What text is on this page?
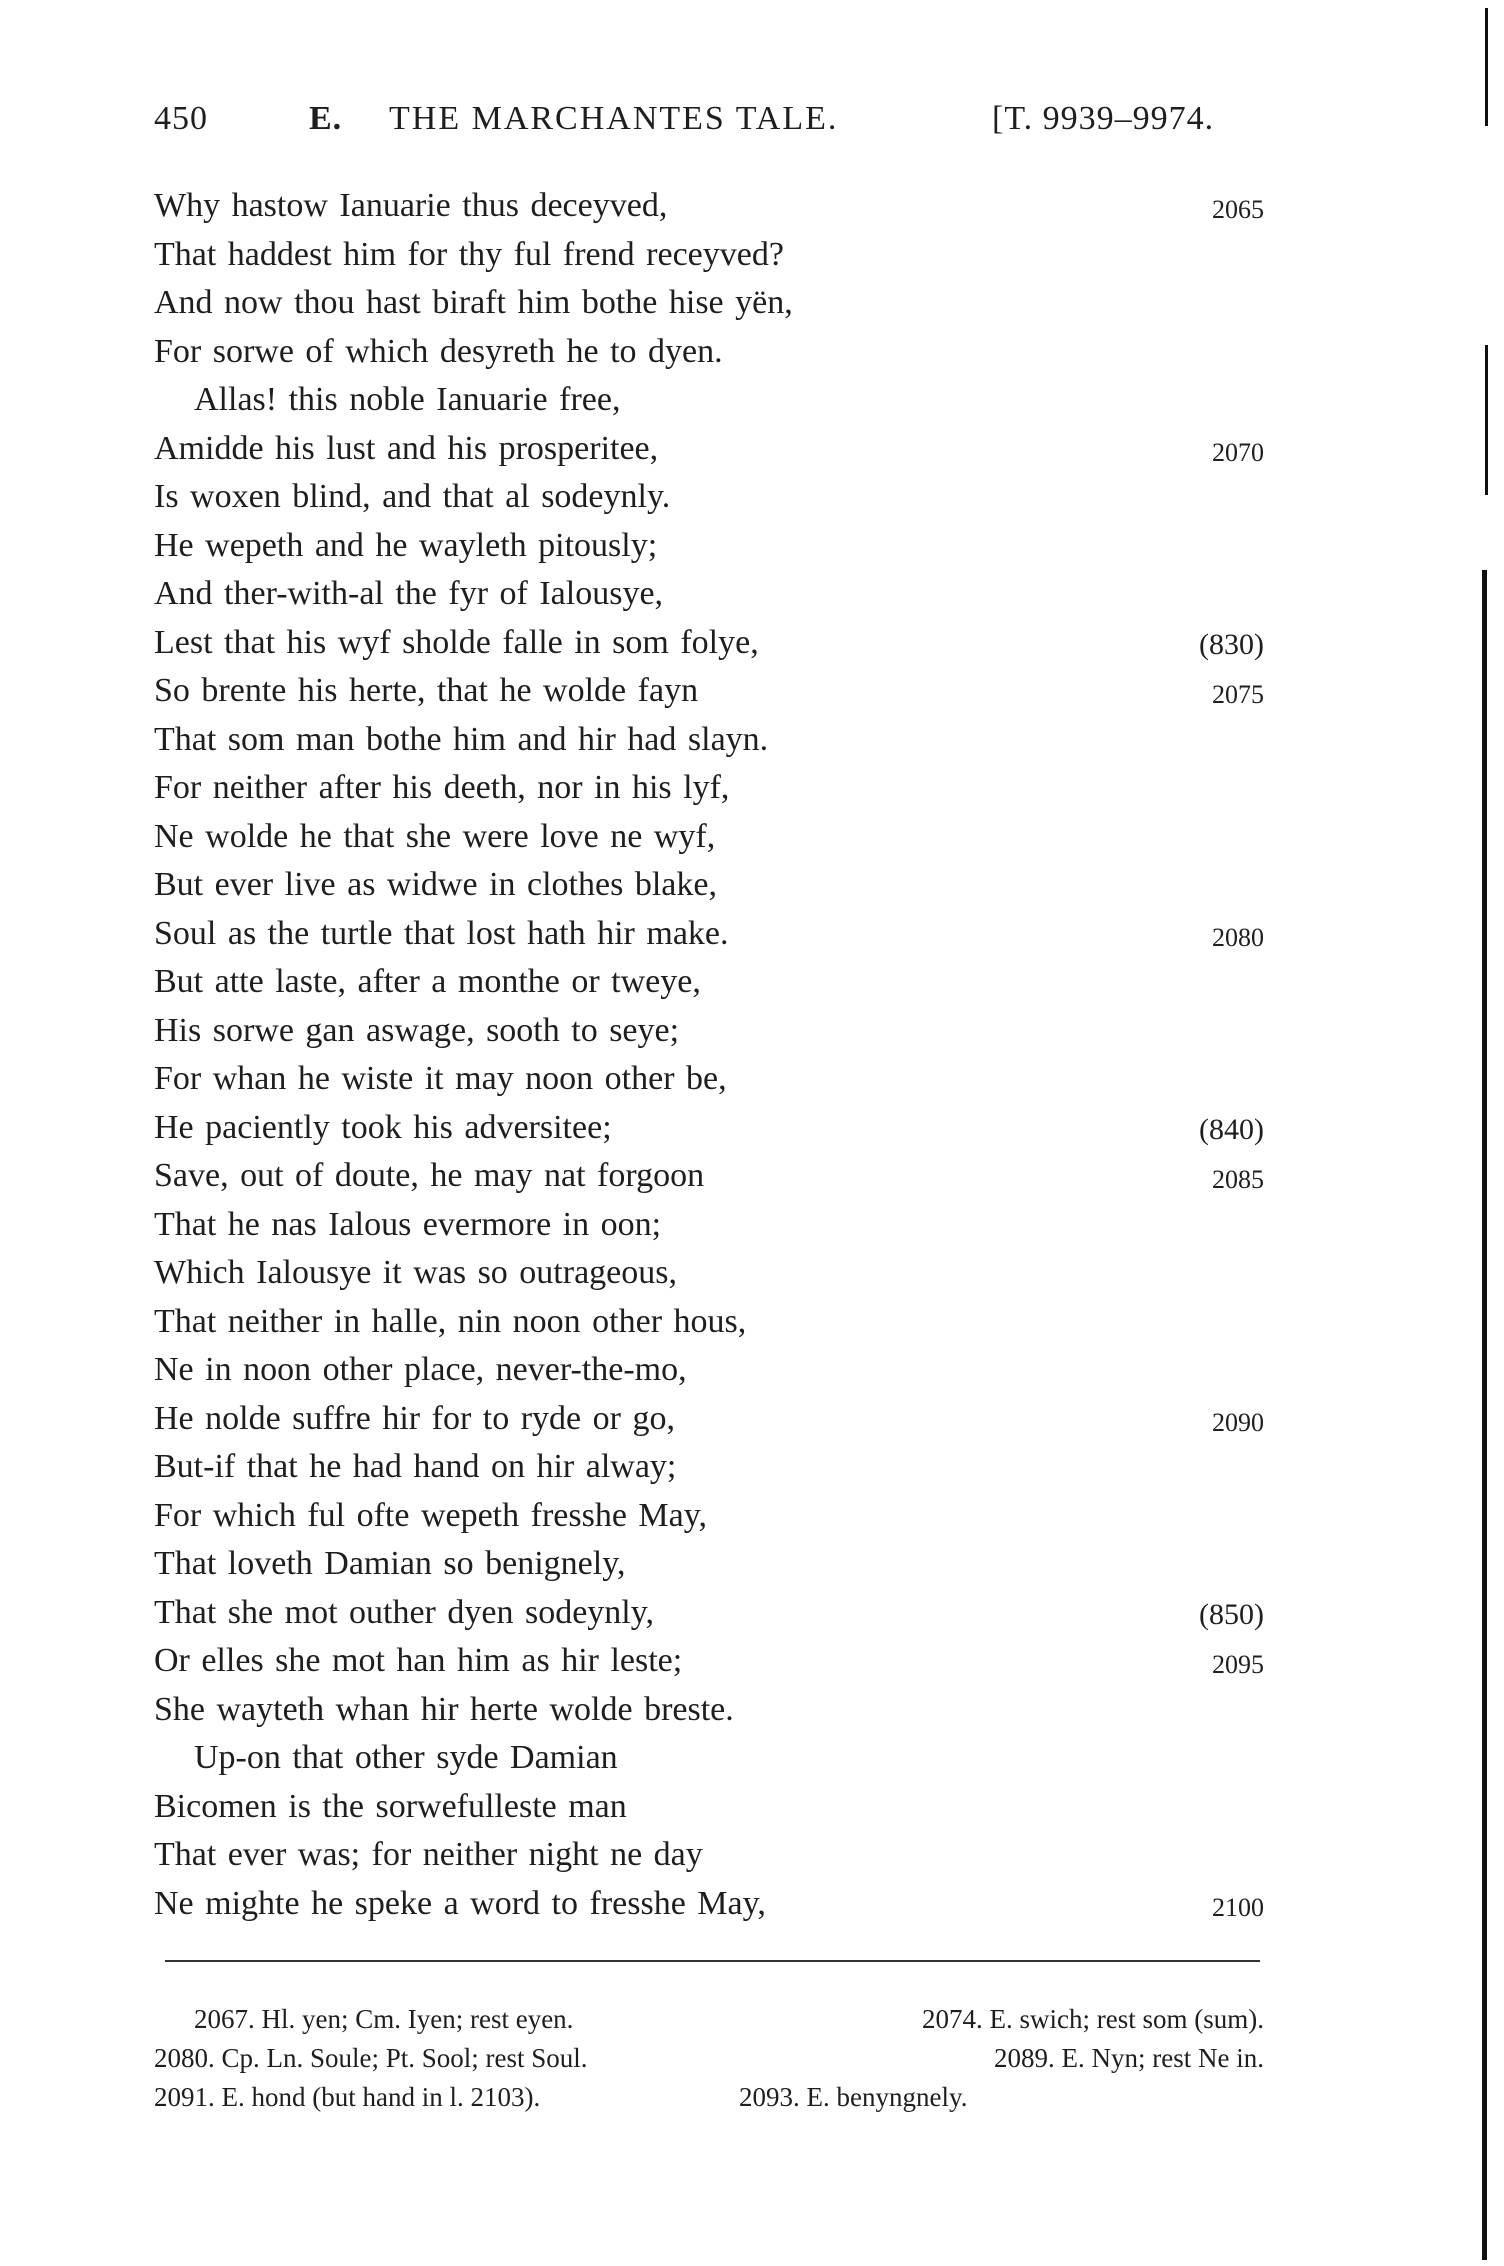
450	E. THE MARCHANTES TALE.	[T. 9939–9974.
Why hastow Ianuarie thus deceyved,	2065
That haddest him for thy ful frend receyved?
And now thou hast biraft him bothe hise yën,
For sorwe of which desyreth he to dyen.
Allas! this noble Ianuarie free,
Amidde his lust and his prosperitee,	2070
Is woxen blind, and that al sodeynly.
He wepeth and he wayleth pitously;
And ther-with-al the fyr of Ialousye,
Lest that his wyf sholde falle in som folye,	(830)
So brente his herte, that he wolde fayn	2075
That som man bothe him and hir had slayn.
For neither after his deeth, nor in his lyf,
Ne wolde he that she were love ne wyf,
But ever live as widwe in clothes blake,
Soul as the turtle that lost hath hir make.	2080
But atte laste, after a monthe or tweye,
His sorwe gan aswage, sooth to seye;
For whan he wiste it may noon other be,
He paciently took his adversitee;	(840)
Save, out of doute, he may nat forgoon	2085
That he nas Ialous evermore in oon;
Which Ialousye it was so outrageous,
That neither in halle, nin noon other hous,
Ne in noon other place, never-the-mo,
He nolde suffre hir for to ryde or go,	2090
But-if that he had hand on hir alway;
For which ful ofte wepeth fresshe May,
That loveth Damian so benignely,
That she mot outher dyen sodeynly,	(850)
Or elles she mot han him as hir leste;	2095
She wayteth whan hir herte wolde breste.
Up-on that other syde Damian
Bicomen is the sorwefulleste man
That ever was; for neither night ne day
Ne mighte he speke a word to fresshe May,	2100
2067. Hl. yen; Cm. Iyen; rest eyen.	2074. E. swich; rest som (sum).
2080. Cp. Ln. Soule; Pt. Sool; rest Soul.	2089. E. Nyn; rest Ne in.
2091. E. hond (but hand in l. 2103).	2093. E. benyngnely.
